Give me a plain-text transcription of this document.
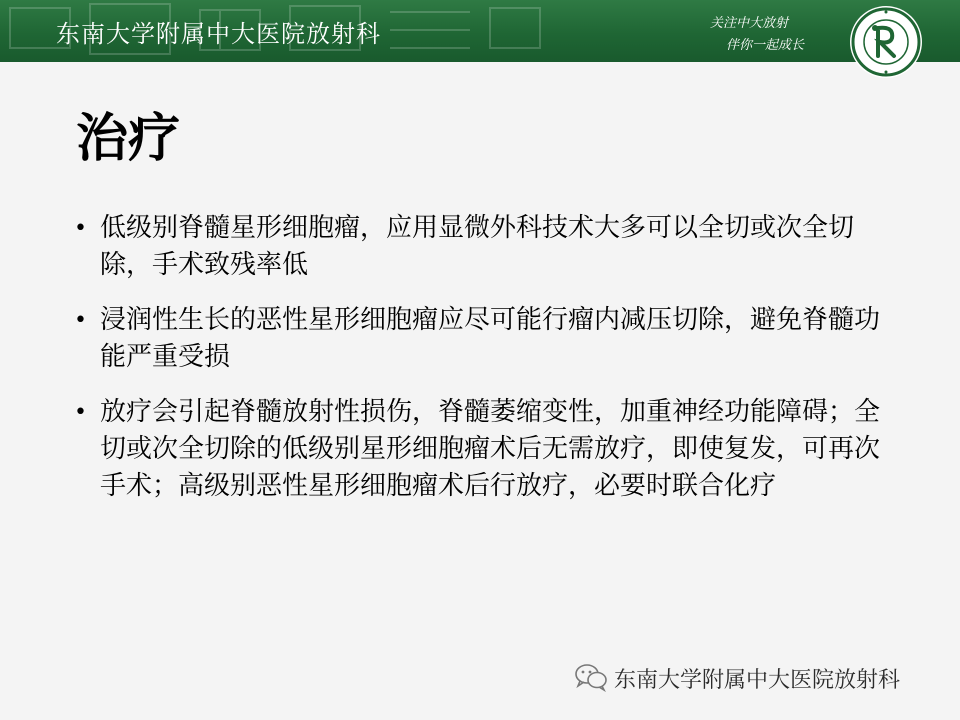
东南大学附属中大医院放射科	关注中大放射
伴你一起成长
治疗
• 低级别脊髓星形细胞瘤，应用显微外科技术大多可以全切或次全切除，手术致残率低
• 浸润性生长的恶性星形细胞瘤应尽可能行瘤内减压切除，避免脊髓功能严重受损
• 放疗会引起脊髓放射性损伤，脊髓萎缩变性，加重神经功能障碍；全切或次全切除的低级别星形细胞瘤术后无需放疗，即使复发，可再次手术；高级别恶性星形细胞瘤术后行放疗，必要时联合化疗
东南大学附属中大医院放射科
